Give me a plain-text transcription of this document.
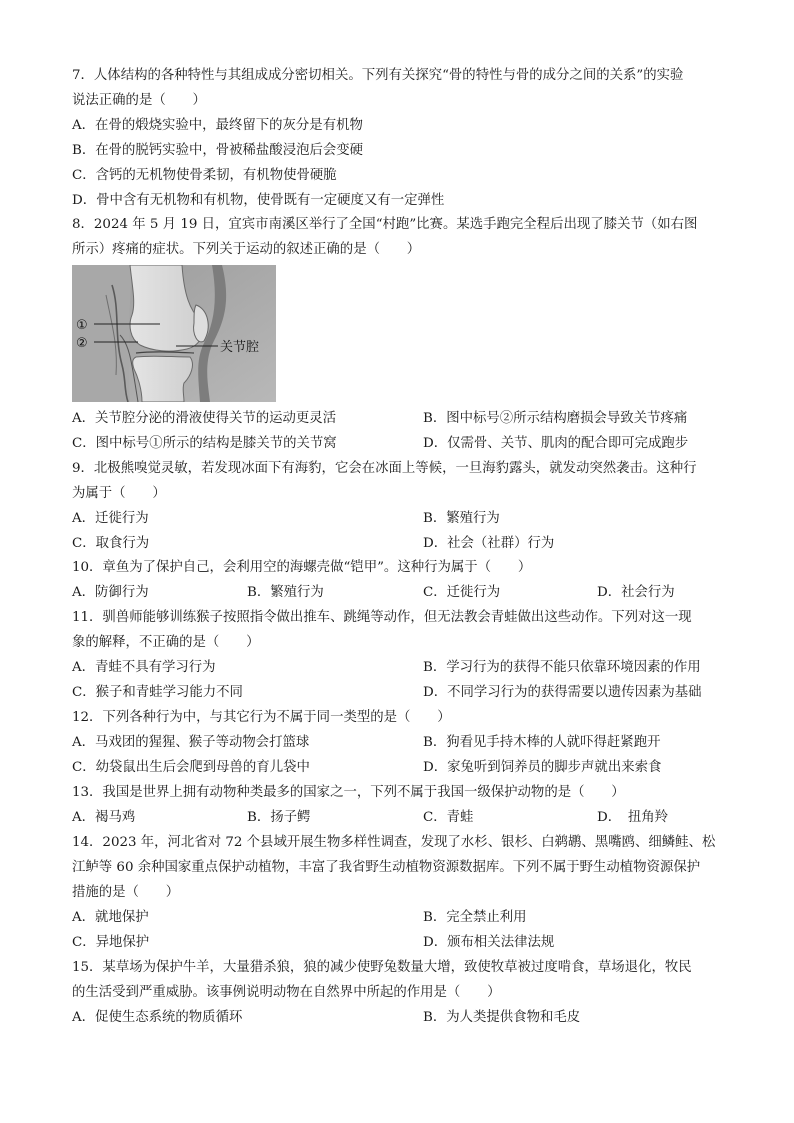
7．人体结构的各种特性与其组成成分密切相关。下列有关探究“骨的特性与骨的成分之间的关系”的实验
说法正确的是（　　）
A．在骨的煅烧实验中，最终留下的灰分是有机物
B．在骨的脱钙实验中，骨被稀盐酸浸泡后会变硬
C．含钙的无机物使骨柔韧，有机物使骨硬脆
D．骨中含有无机物和有机物，使骨既有一定硬度又有一定弹性
8．2024 年 5 月 19 日，宜宾市南溪区举行了全国“村跑”比赛。某选手跑完全程后出现了膝关节（如右图
所示）疼痛的症状。下列关于运动的叙述正确的是（　　）
①
②	关节腔
A．关节腔分泌的滑液使得关节的运动更灵活	B．图中标号②所示结构磨损会导致关节疼痛
C．图中标号①所示的结构是膝关节的关节窝	D．仅需骨、关节、肌肉的配合即可完成跑步
9．北极熊嗅觉灵敏，若发现冰面下有海豹，它会在冰面上等候，一旦海豹露头，就发动突然袭击。这种行
为属于（　　）
A．迁徙行为	B．繁殖行为
C．取食行为	D．社会（社群）行为
10．章鱼为了保护自己，会利用空的海螺壳做“铠甲”。这种行为属于（　　）
A．防御行为	B．繁殖行为	C．迁徙行为	D．社会行为
11．驯兽师能够训练猴子按照指令做出推车、跳绳等动作，但无法教会青蛙做出这些动作。下列对这一现
象的解释，不正确的是（　　）
A．青蛙不具有学习行为	B．学习行为的获得不能只依靠环境因素的作用
C．猴子和青蛙学习能力不同	D．不同学习行为的获得需要以遗传因素为基础
12．下列各种行为中，与其它行为不属于同一类型的是（　　）
A．马戏团的猩猩、猴子等动物会打篮球	B．狗看见手持木棒的人就吓得赶紧跑开
C．幼袋鼠出生后会爬到母兽的育儿袋中	D．家兔听到饲养员的脚步声就出来索食
13．我国是世界上拥有动物种类最多的国家之一，下列不属于我国一级保护动物的是（　　）
A．褐马鸡	B．扬子鳄	C．青蛙	D．　扭角羚
14．2023 年，河北省对 72 个县域开展生物多样性调查，发现了水杉、银杉、白鹈鹕、黑嘴鸥、细鳞鲑、松
江鲈等 60 余种国家重点保护动植物，丰富了我省野生动植物资源数据库。下列不属于野生动植物资源保护
措施的是（　　）
A．就地保护	B．完全禁止利用
C．异地保护	D．颁布相关法律法规
15．某草场为保护牛羊，大量猎杀狼，狼的减少使野兔数量大增，致使牧草被过度啃食，草场退化，牧民
的生活受到严重威胁。该事例说明动物在自然界中所起的作用是（　　）
A．促使生态系统的物质循环	B．为人类提供食物和毛皮
